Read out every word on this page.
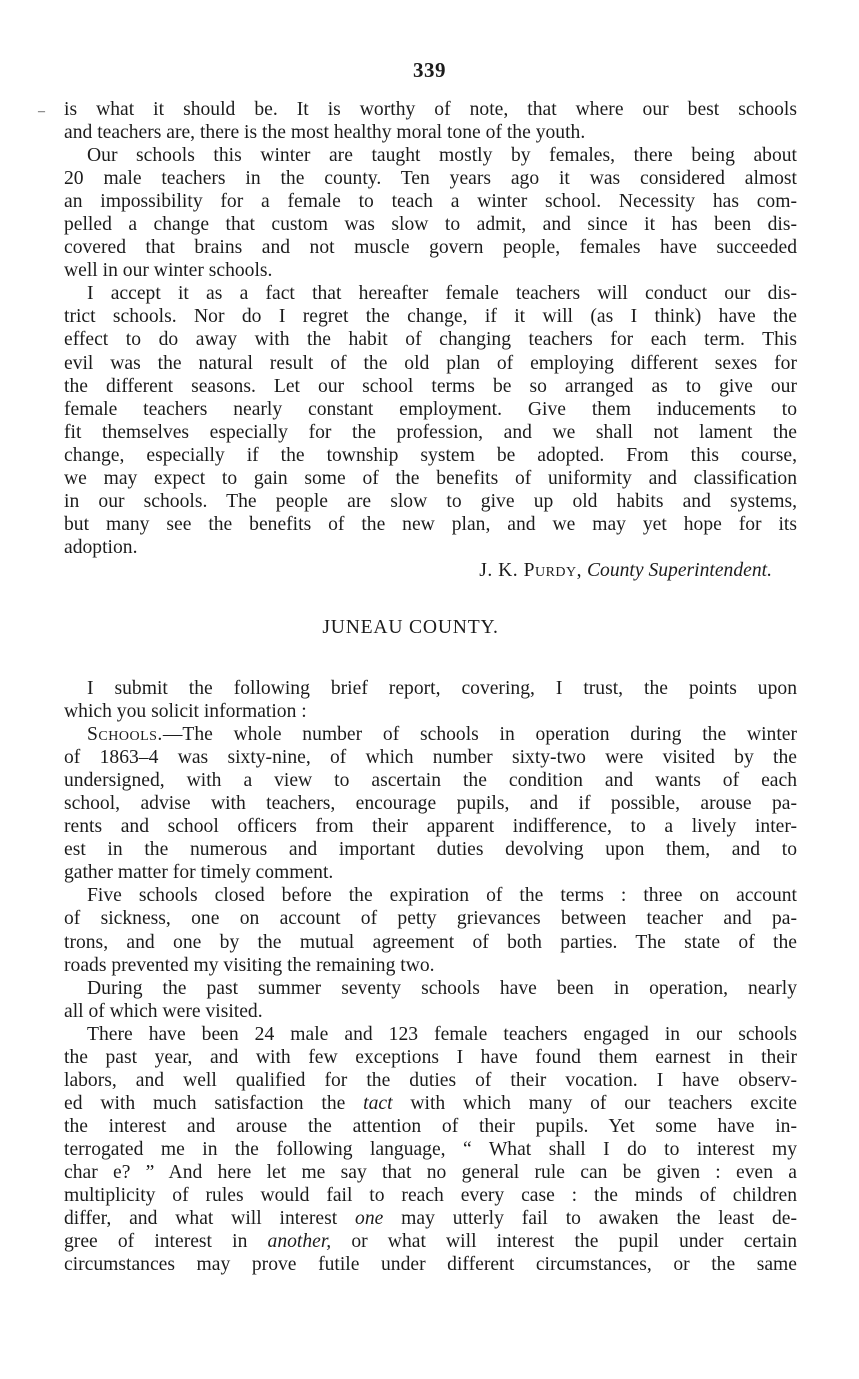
339
– is what it should be. It is worthy of note, that where our best schools
and teachers are, there is the most healthy moral tone of the youth.
Our schools this winter are taught mostly by females, there being about
20 male teachers in the county. Ten years ago it was considered almost
an impossibility for a female to teach a winter school. Necessity has com-
pelled a change that custom was slow to admit, and since it has been dis-
covered that brains and not muscle govern people, females have succeeded
well in our winter schools.
I accept it as a fact that hereafter female teachers will conduct our dis-
trict schools. Nor do I regret the change, if it will (as I think) have the
effect to do away with the habit of changing teachers for each term. This
evil was the natural result of the old plan of employing different sexes for
the different seasons. Let our school terms be so arranged as to give our
female teachers nearly constant employment. Give them inducements to
fit themselves especially for the profession, and we shall not lament the
change, especially if the township system be adopted. From this course,
we may expect to gain some of the benefits of uniformity and classification
in our schools. The people are slow to give up old habits and systems,
but many see the benefits of the new plan, and we may yet hope for its
adoption.
J. K. Purdy, County Superintendent.
JUNEAU COUNTY.
I submit the following brief report, covering, I trust, the points upon
which you solicit information :
Schools.—The whole number of schools in operation during the winter
of 1863–4 was sixty-nine, of which number sixty-two were visited by the
undersigned, with a view to ascertain the condition and wants of each
school, advise with teachers, encourage pupils, and if possible, arouse pa-
rents and school officers from their apparent indifference, to a lively inter-
est in the numerous and important duties devolving upon them, and to
gather matter for timely comment.
Five schools closed before the expiration of the terms : three on account
of sickness, one on account of petty grievances between teacher and pa-
trons, and one by the mutual agreement of both parties. The state of the
roads prevented my visiting the remaining two.
During the past summer seventy schools have been in operation, nearly
all of which were visited.
There have been 24 male and 123 female teachers engaged in our schools
the past year, and with few exceptions I have found them earnest in their
labors, and well qualified for the duties of their vocation. I have observ-
ed with much satisfaction the tact with which many of our teachers excite
the interest and arouse the attention of their pupils. Yet some have in-
terrogated me in the following language, “ What shall I do to interest my
char e? ” And here let me say that no general rule can be given : even a
multiplicity of rules would fail to reach every case : the minds of children
differ, and what will interest one may utterly fail to awaken the least de-
gree of interest in another, or what will interest the pupil under certain
circumstances may prove futile under different circumstances, or the same
